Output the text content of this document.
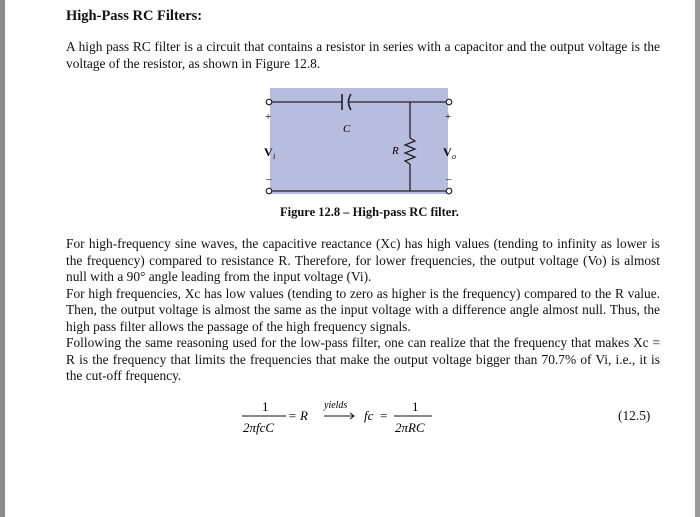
High-Pass RC Filters:
A high pass RC filter is a circuit that contains a resistor in series with a capacitor and the output voltage is the voltage of the resistor, as shown in Figure 12.8.
C
R
+	+
–	–
V i	V o
Figure 12.8 – High-pass RC filter.
For high-frequency sine waves, the capacitive reactance (Xc) has high values (tending to infinity as lower is the frequency) compared to resistance R. Therefore, for lower frequencies, the output voltage (Vo) is almost null with a 90° angle leading from the input voltage (Vi).
For high frequencies, Xc has low values (tending to zero as higher is the frequency) compared to the R value. Then, the output voltage is almost the same as the input voltage with a difference angle almost null. Thus, the high pass filter allows the passage of the high frequency signals.
Following the same reasoning used for the low-pass filter, one can realize that the frequency that makes Xc = R is the frequency that limits the frequencies that make the output voltage bigger than 70.7% of Vi, i.e., it is the cut-off frequency.
1
2πfcC
= R
yields
fc =
1
2πRC
(12.5)
